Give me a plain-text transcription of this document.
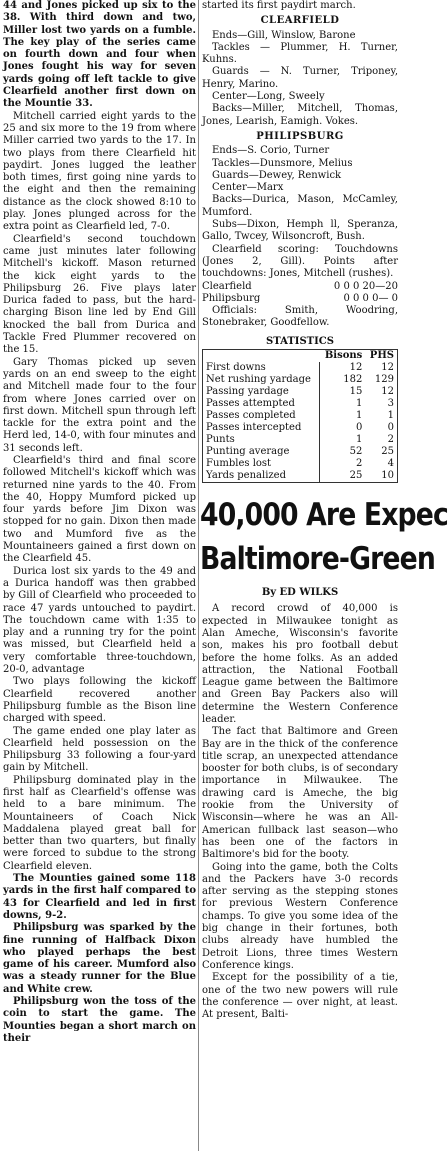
44 and Jones picked up six to the 38. With third down and two, Miller lost two yards on a fumble. The key play of the series came on fourth down and four when Jones fought his way for seven yards going off left tackle to give Clearfield another first down on the Mountie 33.

Mitchell carried eight yards to the 25 and six more to the 19 from where Miller carried two yards to the 17. In two plays from there Clearfield hit paydirt. Jones lugged the leather both times, first going nine yards to the eight and then the remaining distance as the clock showed 8:10 to play. Jones plunged across for the extra point as Clearfield led, 7-0.

Clearfield's second touchdown came just minutes later following Mitchell's kickoff. Mason returned the kick eight yards to the Philipsburg 26. Five plays later Durica faded to pass, but the hard-charging Bison line led by End Gill knocked the ball from Durica and Tackle Fred Plummer recovered on the 15.

Gary Thomas picked up seven yards on an end sweep to the eight and Mitchell made four to the four from where Jones carried over on first down. Mitchell spun through left tackle for the extra point and the Herd led, 14-0, with four minutes and 31 seconds left.

Clearfield's third and final score followed Mitchell's kickoff which was returned nine yards to the 40. From the 40, Hoppy Mumford picked up four yards before Jim Dixon was stopped for no gain. Dixon then made two and Mumford five as the Mountaineers gained a first down on the Clearfield 45.

Durica lost six yards to the 49 and a Durica handoff was then grabbed by Gill of Clearfield who proceeded to race 47 yards untouched to paydirt. The touchdown came with 1:35 to play and a running try for the point was missed, but Clearfield held a very comfortable three-touchdown, 20-0, advantage

Two plays following the kickoff Clearfield recovered another Philipsburg fumble as the Bison line charged with speed.

The game ended one play later as Clearfield held possession on the Philipsburg 33 following a four-yard gain by Mitchell.

Philipsburg dominated play in the first half as Clearfield's offense was held to a bare minimum. The Mountaineers of Coach Nick Maddalena played great ball for better than two quarters, but finally were forced to subdue to the strong Clearfield eleven.

The Mounties gained some 118 yards in the first half compared to 43 for Clearfield and led in first downs, 9-2.

Philipsburg was sparked by the fine running of Halfback Dixon who played perhaps the best game of his career. Mumford also was a steady runner for the Blue and White crew.

Philipsburg won the toss of the coin to start the game. The Mounties began a short march on their

started its first paydirt march.

CLEARFIELD

Ends—Gill, Winslow, Barone

Tackles — Plummer, H. Turner, Kuhns.

Guards — N. Turner, Triponey, Henry, Marino.

Center—Long, Sweely

Backs—Miller, Mitchell, Thomas, Jones, Learish, Eamigh. Vokes.

PHILIPSBURG

Ends—S. Corio, Turner

Tackles—Dunsmore, Melius

Guards—Dewey, Renwick

Center—Marx

Backs—Durica, Mason, McCamley, Mumford.

Subs—Dixon, Hemph ll, Speranza, Gallo, Twcey, Wilsoncroft, Bush.

Clearfield scoring: Touchdowns (Jones 2, Gill). Points after touchdowns: Jones, Mitchell (rushes).

Clearfield	0 0 0 20—20
Philipsburg	0 0 0 0— 0

Officials: Smith, Woodring, Stonebraker, Goodfellow.

STATISTICS
	Bisons	PHS
First downs	12	12
Net rushing yardage	182	129
Passing yardage	15	12
Passes attempted	1	3
Passes completed	1	1
Passes intercepted	0	0
Punts	1	2
Punting average	52	25
Fumbles lost	2	4
Yards penalized	25	10
40,000 Are Expec
Baltimore-Green
By ED WILKS

A record crowd of 40,000 is expected in Milwaukee tonight as Alan Ameche, Wisconsin's favorite son, makes his pro football debut before the home folks. As an added attraction, the National Football League game between the Baltimore and Green Bay Packers also will determine the Western Conference leader.

The fact that Baltimore and Green Bay are in the thick of the conference title scrap, an unexpected attendance booster for both clubs, is of secondary importance in Milwaukee. The drawing card is Ameche, the big rookie from the University of Wisconsin—where he was an All-American fullback last season—who has been one of the factors in Baltimore's bid for the booty.

Going into the game, both the Colts and the Packers have 3-0 records after serving as the stepping stones for previous Western Conference champs. To give you some idea of the big change in their fortunes, both clubs already have humbled the Detroit Lions, three times Western Conference kings.

Except for the possibility of a tie, one of the two new powers will rule the conference — over night, at least. At present, Balti-
